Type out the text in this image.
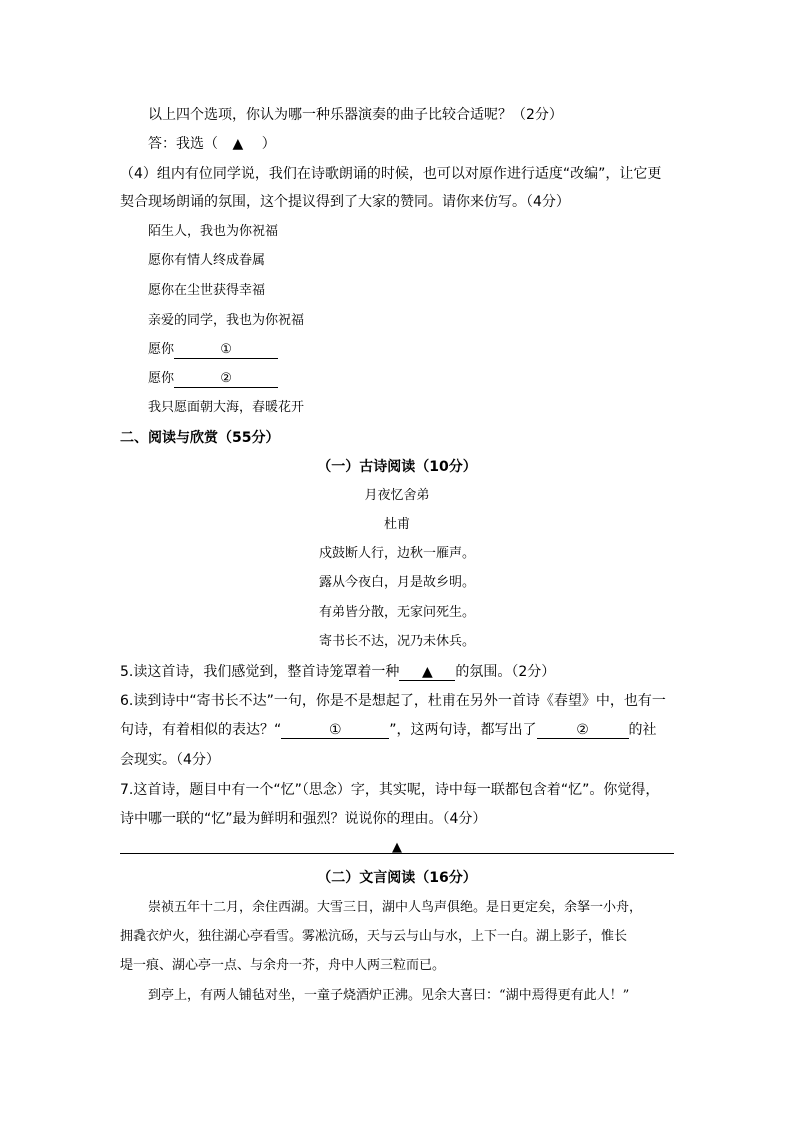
以上四个选项，你认为哪一种乐器演奏的曲子比较合适呢？（2分）
答：我选（ ▲ ）
（4）组内有位同学说，我们在诗歌朗诵的时候，也可以对原作进行适度“改编”，让它更
契合现场朗诵的氛围，这个提议得到了大家的赞同。请你来仿写。（4分）
陌生人，我也为你祝福
愿你有情人终成眷属
愿你在尘世获得幸福
亲爱的同学，我也为你祝福
愿你	①
愿你	②
我只愿面朝大海，春暖花开
二、阅读与欣赏（55分）
（一）古诗阅读（10分）
月夜忆舍弟
杜甫
戍鼓断人行，边秋一雁声。
露从今夜白，月是故乡明。
有弟皆分散，无家问死生。
寄书长不达，况乃未休兵。
5.读这首诗，我们感觉到，整首诗笼罩着一种 ▲ 的氛围。（2分）
6.读到诗中“寄书长不达”一句，你是不是想起了，杜甫在另外一首诗《春望》中，也有一
句诗，有着相似的表达？“	①	”，这两句诗，都写出了	②	的社
会现实。（4分）
7.这首诗，题目中有一个“忆”（思念）字，其实呢，诗中每一联都包含着“忆”。你觉得，
诗中哪一联的“忆”最为鲜明和强烈？说说你的理由。（4分）
▲
（二）文言阅读（16分）
崇祯五年十二月，余住西湖。大雪三日，湖中人鸟声俱绝。是日更定矣，余拏一小舟，
拥毳衣炉火，独往湖心亭看雪。雾凇沆砀，天与云与山与水，上下一白。湖上影子，惟长
堤一痕、湖心亭一点、与余舟一芥，舟中人两三粒而已。
到亭上，有两人铺毡对坐，一童子烧酒炉正沸。见余大喜曰：“湖中焉得更有此人！”
